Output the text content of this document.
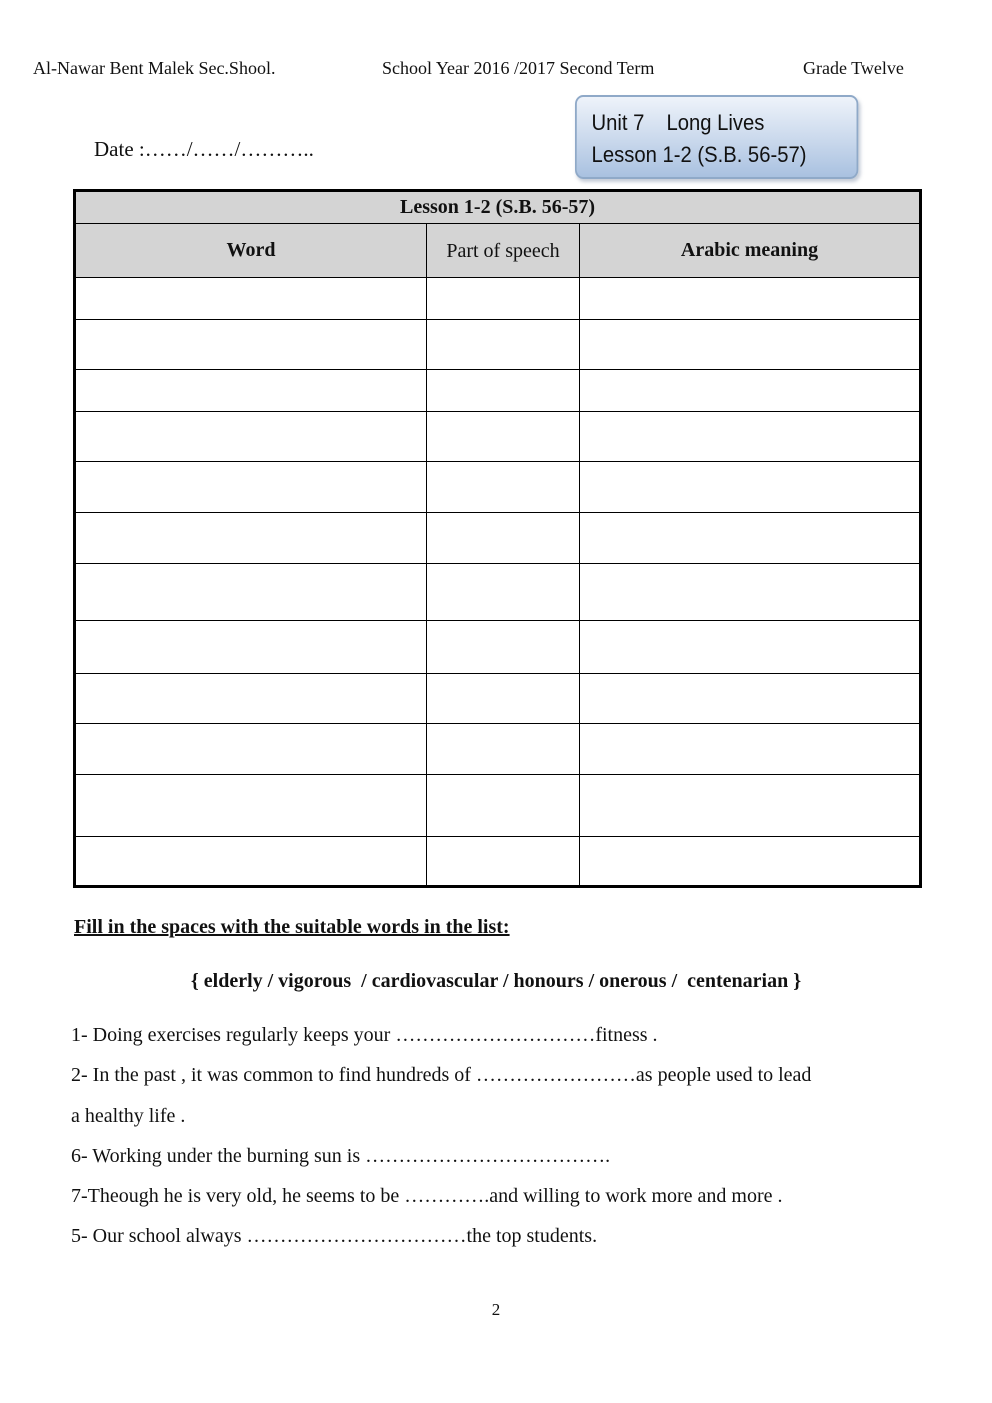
Al-Nawar Bent Malek Sec.Shool.	School Year 2016 /2017 Second Term	Grade Twelve
Date :……/……/………..
Unit 7 Long Lives
Lesson 1-2 (S.B. 56-57)
Lesson 1-2 (S.B. 56-57)		
Word	Part of speech	Arabic meaning

Fill in the spaces with the suitable words in the list:
{ elderly / vigorous  / cardiovascular / honours / onerous /  centenarian }
1- Doing exercises regularly keeps your …………………………fitness .
2- In the past , it was common to find hundreds of ……………………as people used to lead
a healthy life .
6- Working under the burning sun is ……………………………….
7-Theough he is very old, he seems to be ………….and willing to work more and more .
5- Our school always ……………………………the top students.
2
